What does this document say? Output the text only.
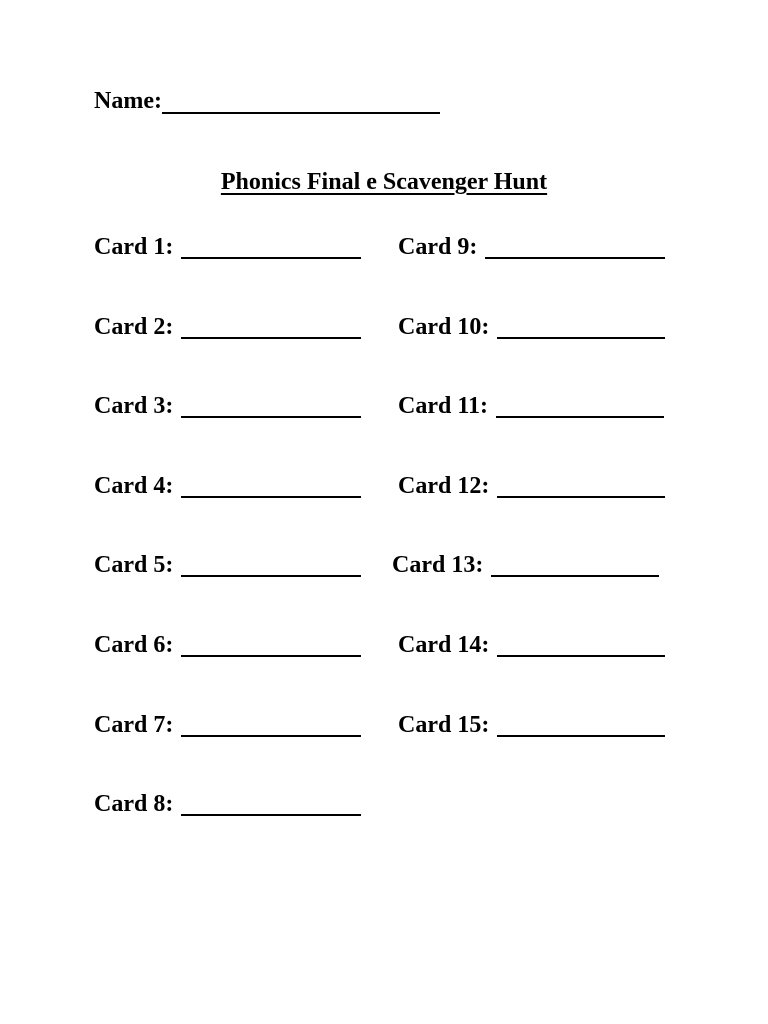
Name:
Phonics Final e Scavenger Hunt
Card 1:
Card 2:
Card 3:
Card 4:
Card 5:
Card 6:
Card 7:
Card 8:
Card 9:
Card 10:
Card 11:
Card 12:
Card 13:
Card 14:
Card 15:
